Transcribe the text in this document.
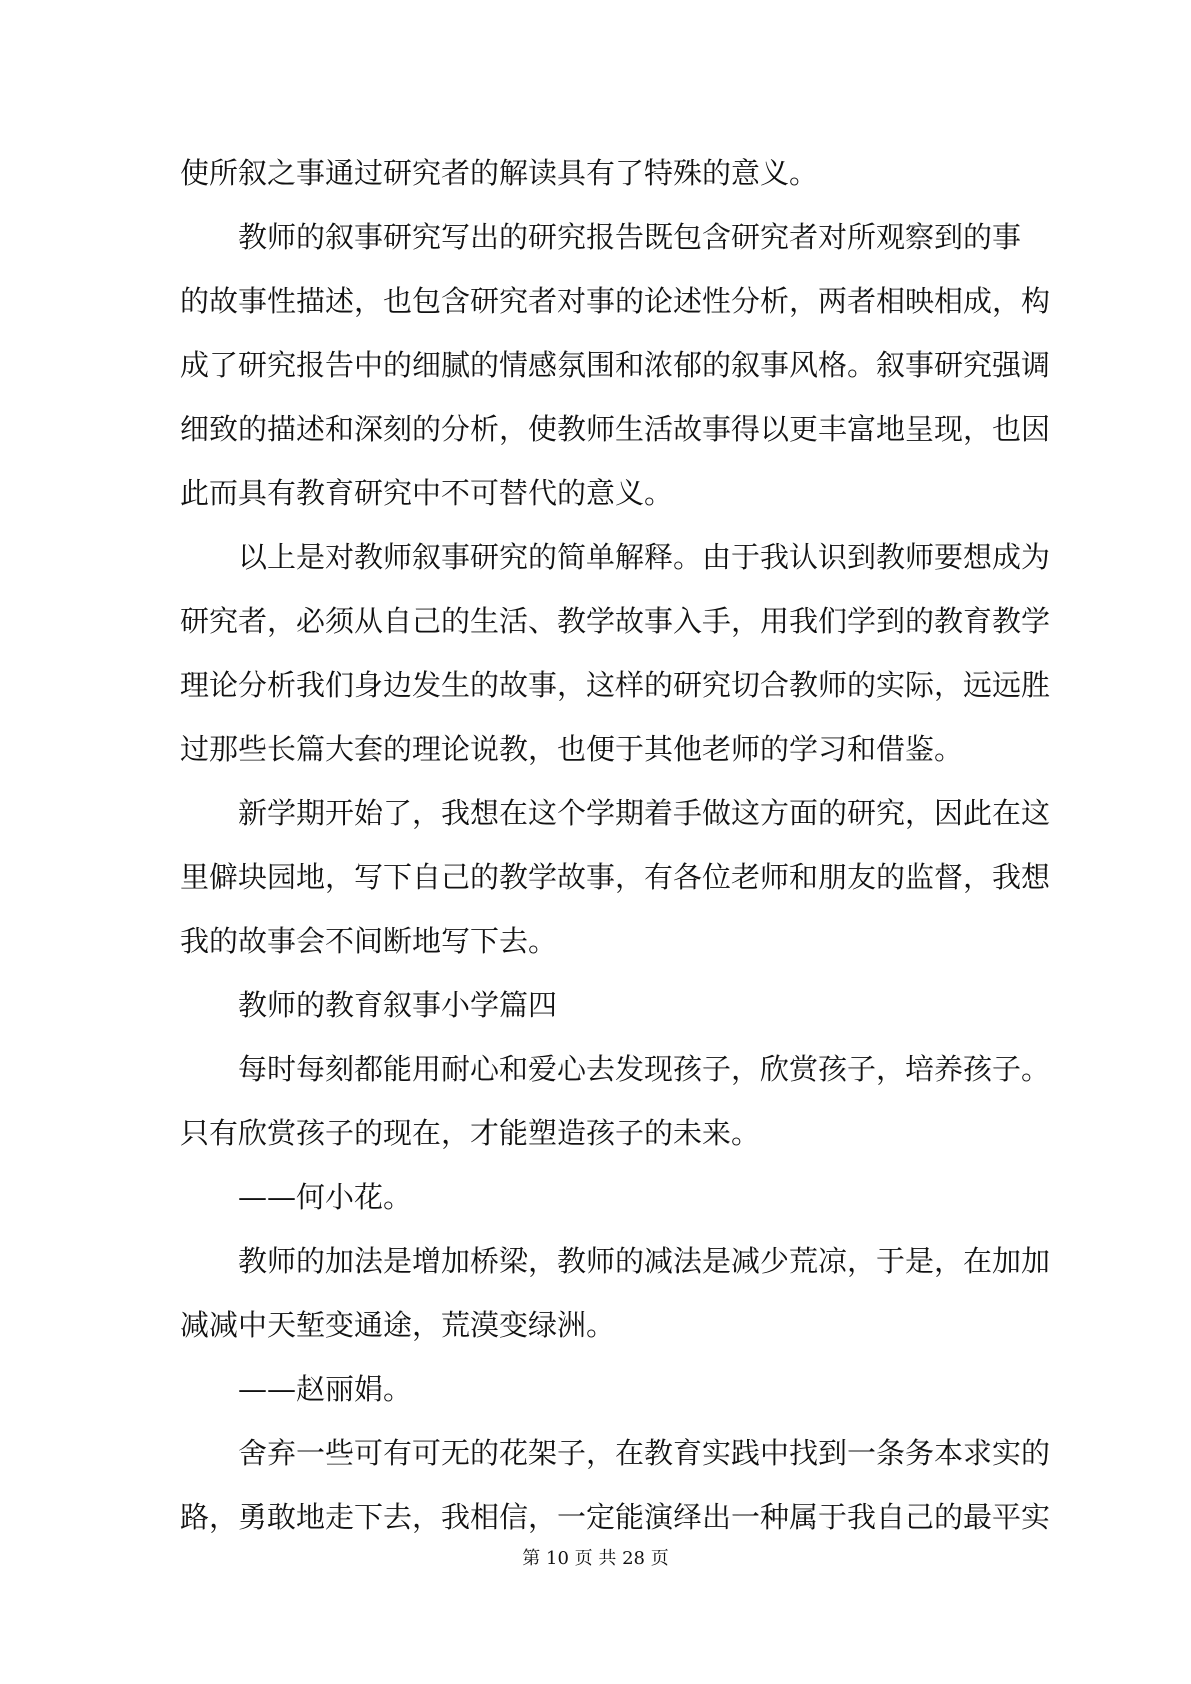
使所叙之事通过研究者的解读具有了特殊的意义。
教师的叙事研究写出的研究报告既包含研究者对所观察到的事
的故事性描述，也包含研究者对事的论述性分析，两者相映相成，构
成了研究报告中的细腻的情感氛围和浓郁的叙事风格。叙事研究强调
细致的描述和深刻的分析，使教师生活故事得以更丰富地呈现，也因
此而具有教育研究中不可替代的意义。
以上是对教师叙事研究的简单解释。由于我认识到教师要想成为
研究者，必须从自己的生活、教学故事入手，用我们学到的教育教学
理论分析我们身边发生的故事，这样的研究切合教师的实际，远远胜
过那些长篇大套的理论说教，也便于其他老师的学习和借鉴。
新学期开始了，我想在这个学期着手做这方面的研究，因此在这
里僻块园地，写下自己的教学故事，有各位老师和朋友的监督，我想
我的故事会不间断地写下去。
教师的教育叙事小学篇四
每时每刻都能用耐心和爱心去发现孩子，欣赏孩子，培养孩子。
只有欣赏孩子的现在，才能塑造孩子的未来。
——何小花。
教师的加法是增加桥梁，教师的减法是减少荒凉，于是，在加加
减减中天堑变通途，荒漠变绿洲。
——赵丽娟。
舍弃一些可有可无的花架子，在教育实践中找到一条务本求实的
路，勇敢地走下去，我相信，一定能演绎出一种属于我自己的最平实
第 10 页 共 28 页
